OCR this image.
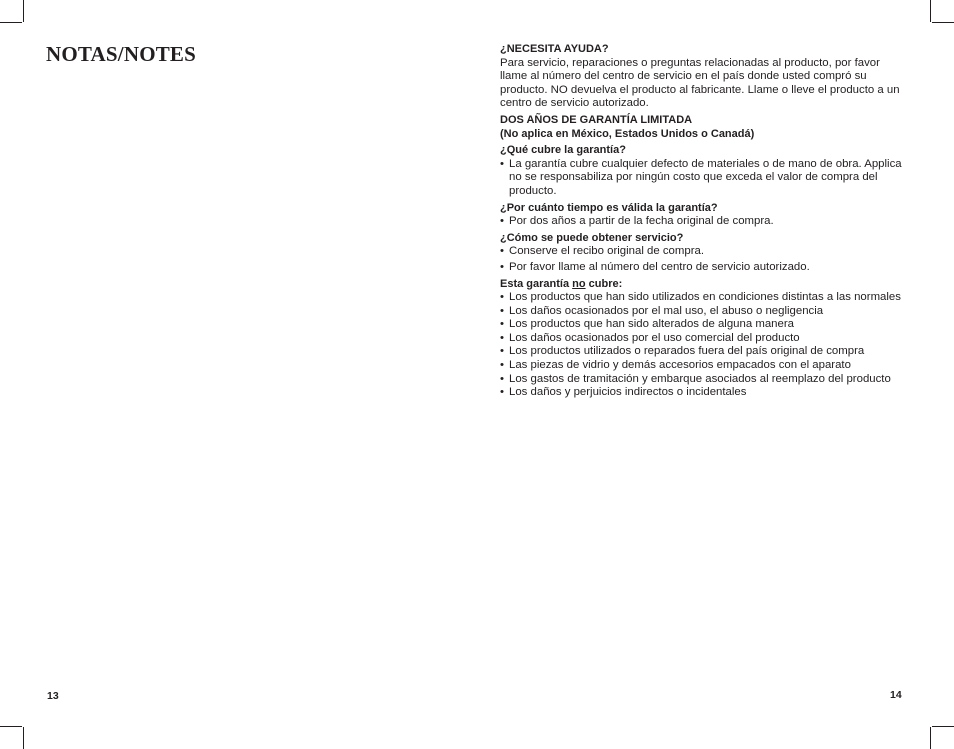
NOTAS/NOTES
13

¿NECESITA AYUDA?

Para servicio, reparaciones o preguntas relacionadas al producto, por favor llame al número del centro de servicio en el país donde usted compró su producto. NO devuelva el producto al fabricante. Llame o lleve el producto a un centro de servicio autorizado.

DOS AÑOS DE GARANTÍA LIMITADA

(No aplica en México, Estados Unidos o Canadá)

¿Qué cubre la garantía?

• La garantía cubre cualquier defecto de materiales o de mano de obra. Applica no se responsabiliza por ningún costo que exceda el valor de compra del producto.

¿Por cuánto tiempo es válida la garantía?

• Por dos años a partir de la fecha original de compra.

¿Cómo se puede obtener servicio?

• Conserve el recibo original de compra.
• Por favor llame al número del centro de servicio autorizado.

Esta garantía no cubre:

• Los productos que han sido utilizados en condiciones distintas a las normales
• Los daños ocasionados por el mal uso, el abuso o negligencia
• Los productos que han sido alterados de alguna manera
• Los daños ocasionados por el uso comercial del producto
• Los productos utilizados o reparados fuera del país original de compra
• Las piezas de vidrio y demás accesorios empacados con el aparato
• Los gastos de tramitación y embarque asociados al reemplazo del producto
• Los daños y perjuicios indirectos o incidentales
14
